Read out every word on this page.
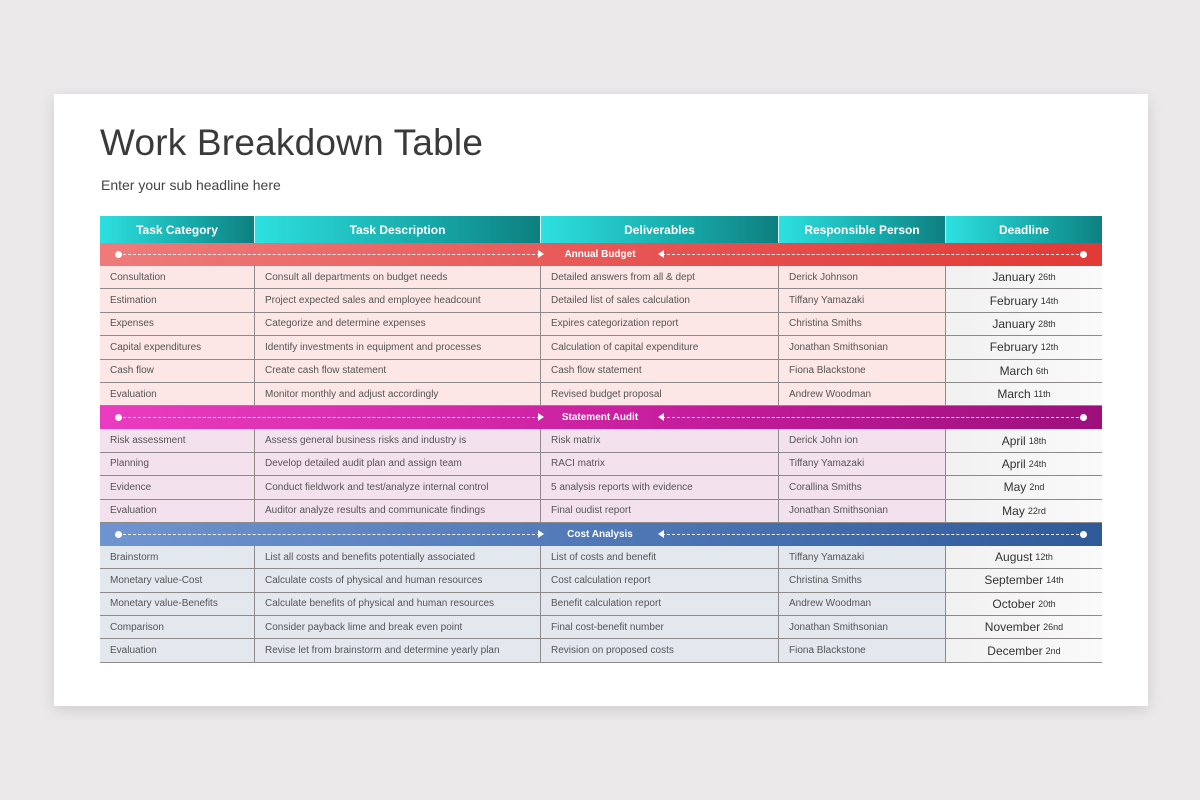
Work Breakdown Table
Enter your sub headline here
Task Category	Task Description	Deliverables	Responsible Person	Deadline
Annual Budget
Consultation	Consult all departments on budget needs	Detailed answers from all & dept	Derick Johnson	January 26th
Estimation	Project expected sales and employee headcount	Detailed list of sales calculation	Tiffany Yamazaki	February 14th
Expenses	Categorize and determine expenses	Expires categorization report	Christina Smiths	January 28th
Capital expenditures	Identify investments in equipment and processes	Calculation of capital expenditure	Jonathan Smithsonian	February 12th
Cash flow	Create cash flow statement	Cash flow statement	Fiona Blackstone	March 6th
Evaluation	Monitor monthly and adjust accordingly	Revised budget proposal	Andrew Woodman	March 11th
Statement Audit
Risk assessment	Assess general business risks and industry is	Risk matrix	Derick John ion	April 18th
Planning	Develop detailed audit plan and assign team	RACI matrix	Tiffany Yamazaki	April 24th
Evidence	Conduct fieldwork and test/analyze internal control	5 analysis reports with evidence	Corallina Smiths	May 2nd
Evaluation	Auditor analyze results and communicate findings	Final oudist report	Jonathan Smithsonian	May 22rd
Cost Analysis
Brainstorm	List all costs and benefits potentially associated	List of costs and benefit	Tiffany Yamazaki	August 12th
Monetary value-Cost	Calculate costs of physical and human resources	Cost calculation report	Christina Smiths	September 14th
Monetary value-Benefits	Calculate benefits of physical and human resources	Benefit calculation report	Andrew Woodman	October 20th
Comparison	Consider payback lime and break even point	Final cost-benefit number	Jonathan Smithsonian	November 26nd
Evaluation	Revise let from brainstorm and determine yearly plan	Revision on proposed costs	Fiona Blackstone	December 2nd
